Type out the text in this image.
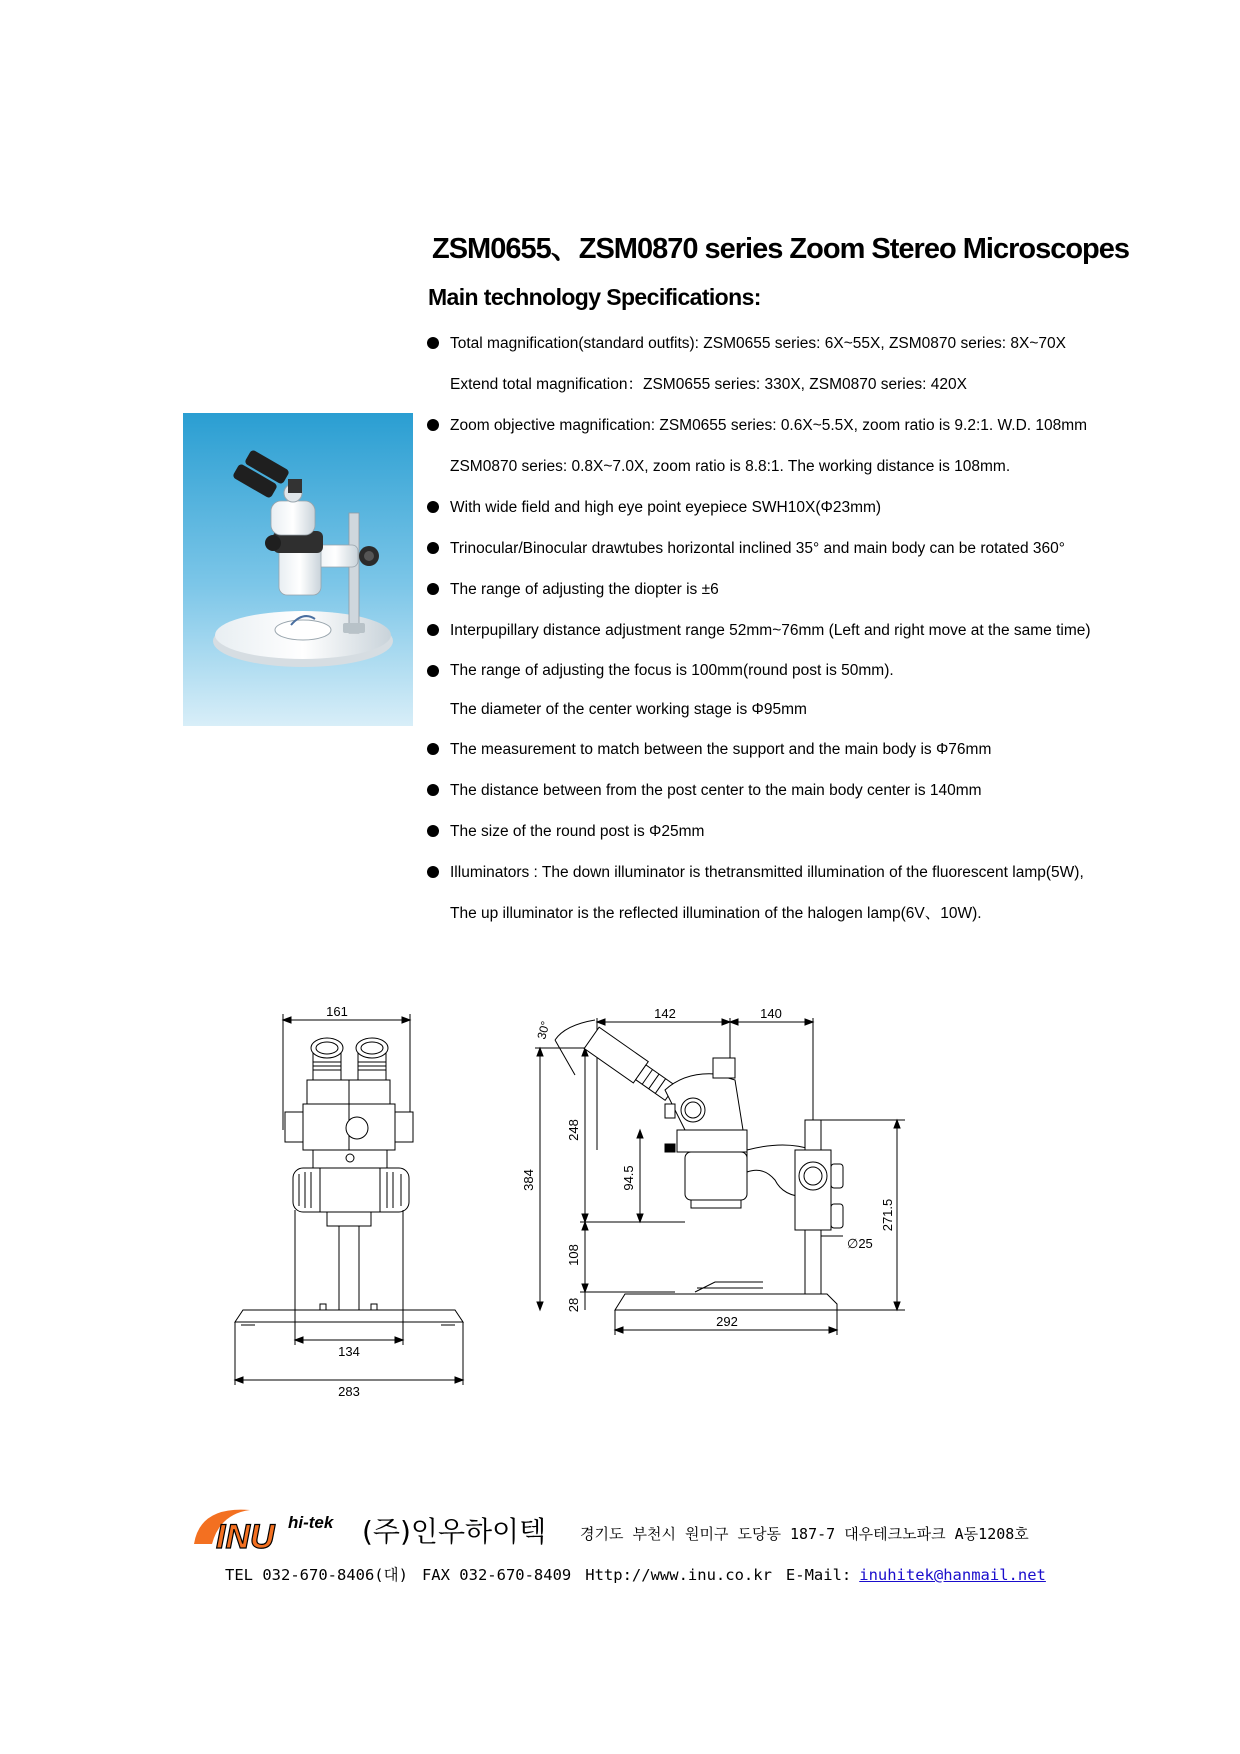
ZSM0655、ZSM0870 series Zoom Stereo Microscopes
Main technology Specifications:
Total magnification(standard outfits): ZSM0655 series: 6X~55X, ZSM0870 series: 8X~70X
Extend total magnification：ZSM0655 series: 330X, ZSM0870 series: 420X
Zoom objective magnification: ZSM0655 series: 0.6X~5.5X, zoom ratio is 9.2:1. W.D. 108mm
ZSM0870 series: 0.8X~7.0X, zoom ratio is 8.8:1. The working distance is 108mm.
With wide field and high eye point eyepiece SWH10X(Φ23mm)
Trinocular/Binocular drawtubes horizontal inclined 35° and main body can be rotated 360°
The range of adjusting the diopter is ±6
Interpupillary distance adjustment range 52mm~76mm (Left and right move at the same time)
The range of adjusting the focus is 100mm(round post is 50mm).
The diameter of the center working stage is Φ95mm
The measurement to match between the support and the main body is Φ76mm
The distance between from the post center to the main body center is 140mm
The size of the round post is Φ25mm
Illuminators : The down illuminator is thetransmitted illumination of the fluorescent lamp(5W),
The up illuminator is the reflected illumination of the halogen lamp(6V、10W).
161
134
283
142	140
30°
384
248
108
28
94.5
∅25
271.5
292
INU hi-tek (주)인우하이텍 경기도 부천시 원미구 도당동 187-7 대우테크노파크 A동1208호
TEL 032-670-8406(대) FAX 032-670-8409 Http://www.inu.co.kr E-Mail: inuhitek@hanmail.net
